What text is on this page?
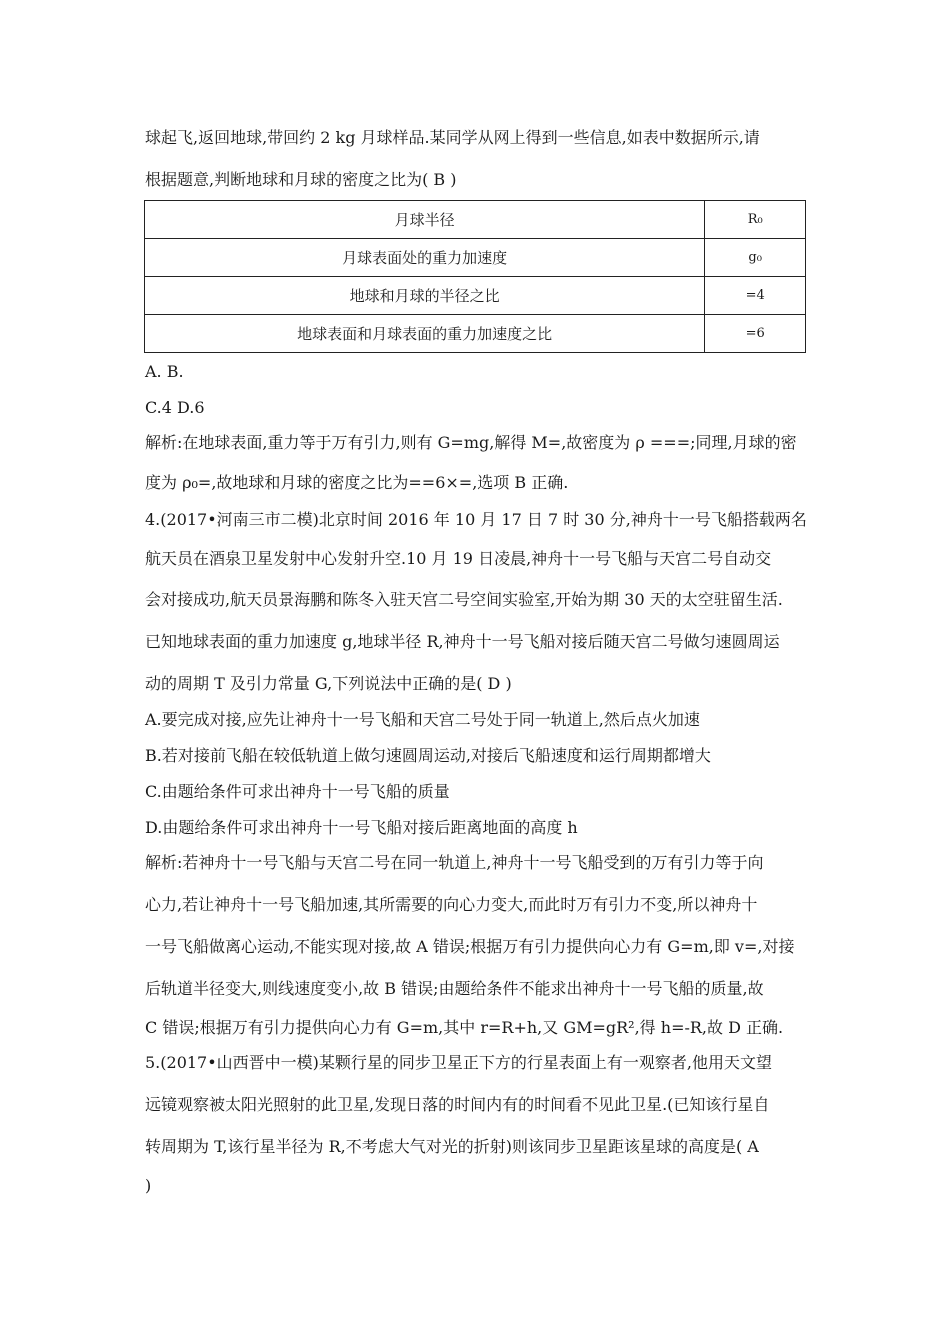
球起飞,返回地球,带回约 2 kg 月球样品.某同学从网上得到一些信息,如表中数据所示,请
根据题意,判断地球和月球的密度之比为( B )
月球半径	R₀
月球表面处的重力加速度	g₀
地球和月球的半径之比	=4
地球表面和月球表面的重力加速度之比	=6
A. B.
C.4 D.6
解析:在地球表面,重力等于万有引力,则有 G=mg,解得 M=,故密度为 ρ ===;同理,月球的密
度为 ρ₀=,故地球和月球的密度之比为==6×=,选项 B 正确.
4.(2017•河南三市二模)北京时间 2016 年 10 月 17 日 7 时 30 分,神舟十一号飞船搭载两名
航天员在酒泉卫星发射中心发射升空.10 月 19 日凌晨,神舟十一号飞船与天宫二号自动交
会对接成功,航天员景海鹏和陈冬入驻天宫二号空间实验室,开始为期 30 天的太空驻留生活.
已知地球表面的重力加速度 g,地球半径 R,神舟十一号飞船对接后随天宫二号做匀速圆周运
动的周期 T 及引力常量 G,下列说法中正确的是( D )
A.要完成对接,应先让神舟十一号飞船和天宫二号处于同一轨道上,然后点火加速
B.若对接前飞船在较低轨道上做匀速圆周运动,对接后飞船速度和运行周期都增大
C.由题给条件可求出神舟十一号飞船的质量
D.由题给条件可求出神舟十一号飞船对接后距离地面的高度 h
解析:若神舟十一号飞船与天宫二号在同一轨道上,神舟十一号飞船受到的万有引力等于向
心力,若让神舟十一号飞船加速,其所需要的向心力变大,而此时万有引力不变,所以神舟十
一号飞船做离心运动,不能实现对接,故 A 错误;根据万有引力提供向心力有 G=m,即 v=,对接
后轨道半径变大,则线速度变小,故 B 错误;由题给条件不能求出神舟十一号飞船的质量,故
C 错误;根据万有引力提供向心力有 G=m,其中 r=R+h,又 GM=gR²,得 h=-R,故 D 正确.
5.(2017•山西晋中一模)某颗行星的同步卫星正下方的行星表面上有一观察者,他用天文望
远镜观察被太阳光照射的此卫星,发现日落的时间内有的时间看不见此卫星.(已知该行星自
转周期为 T,该行星半径为 R,不考虑大气对光的折射)则该同步卫星距该星球的高度是( A
)
